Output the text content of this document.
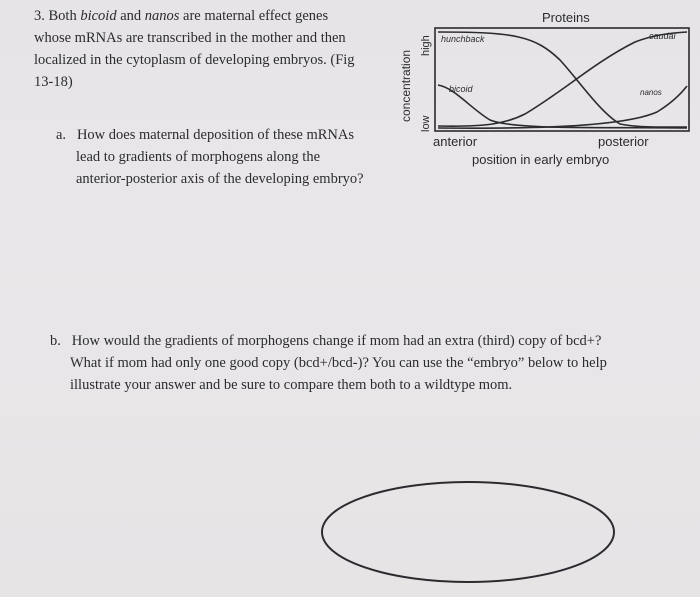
3. Both bicoid and nanos are maternal effect genes
whose mRNAs are transcribed in the mother and then
localized in the cytoplasm of developing embryos. (Fig
13-18)
a. How does maternal deposition of these mRNAs
lead to gradients of morphogens along the
anterior-posterior axis of the developing embryo?
b. How would the gradients of morphogens change if mom had an extra (third) copy of bcd+?
What if mom had only one good copy (bcd+/bcd-)? You can use the “embryo” below to help
illustrate your answer and be sure to compare them both to a wildtype mom.
Proteins
concentration
high
low
hunchback
bicoid
caudal
nanos
anterior	posterior
position in early embryo
